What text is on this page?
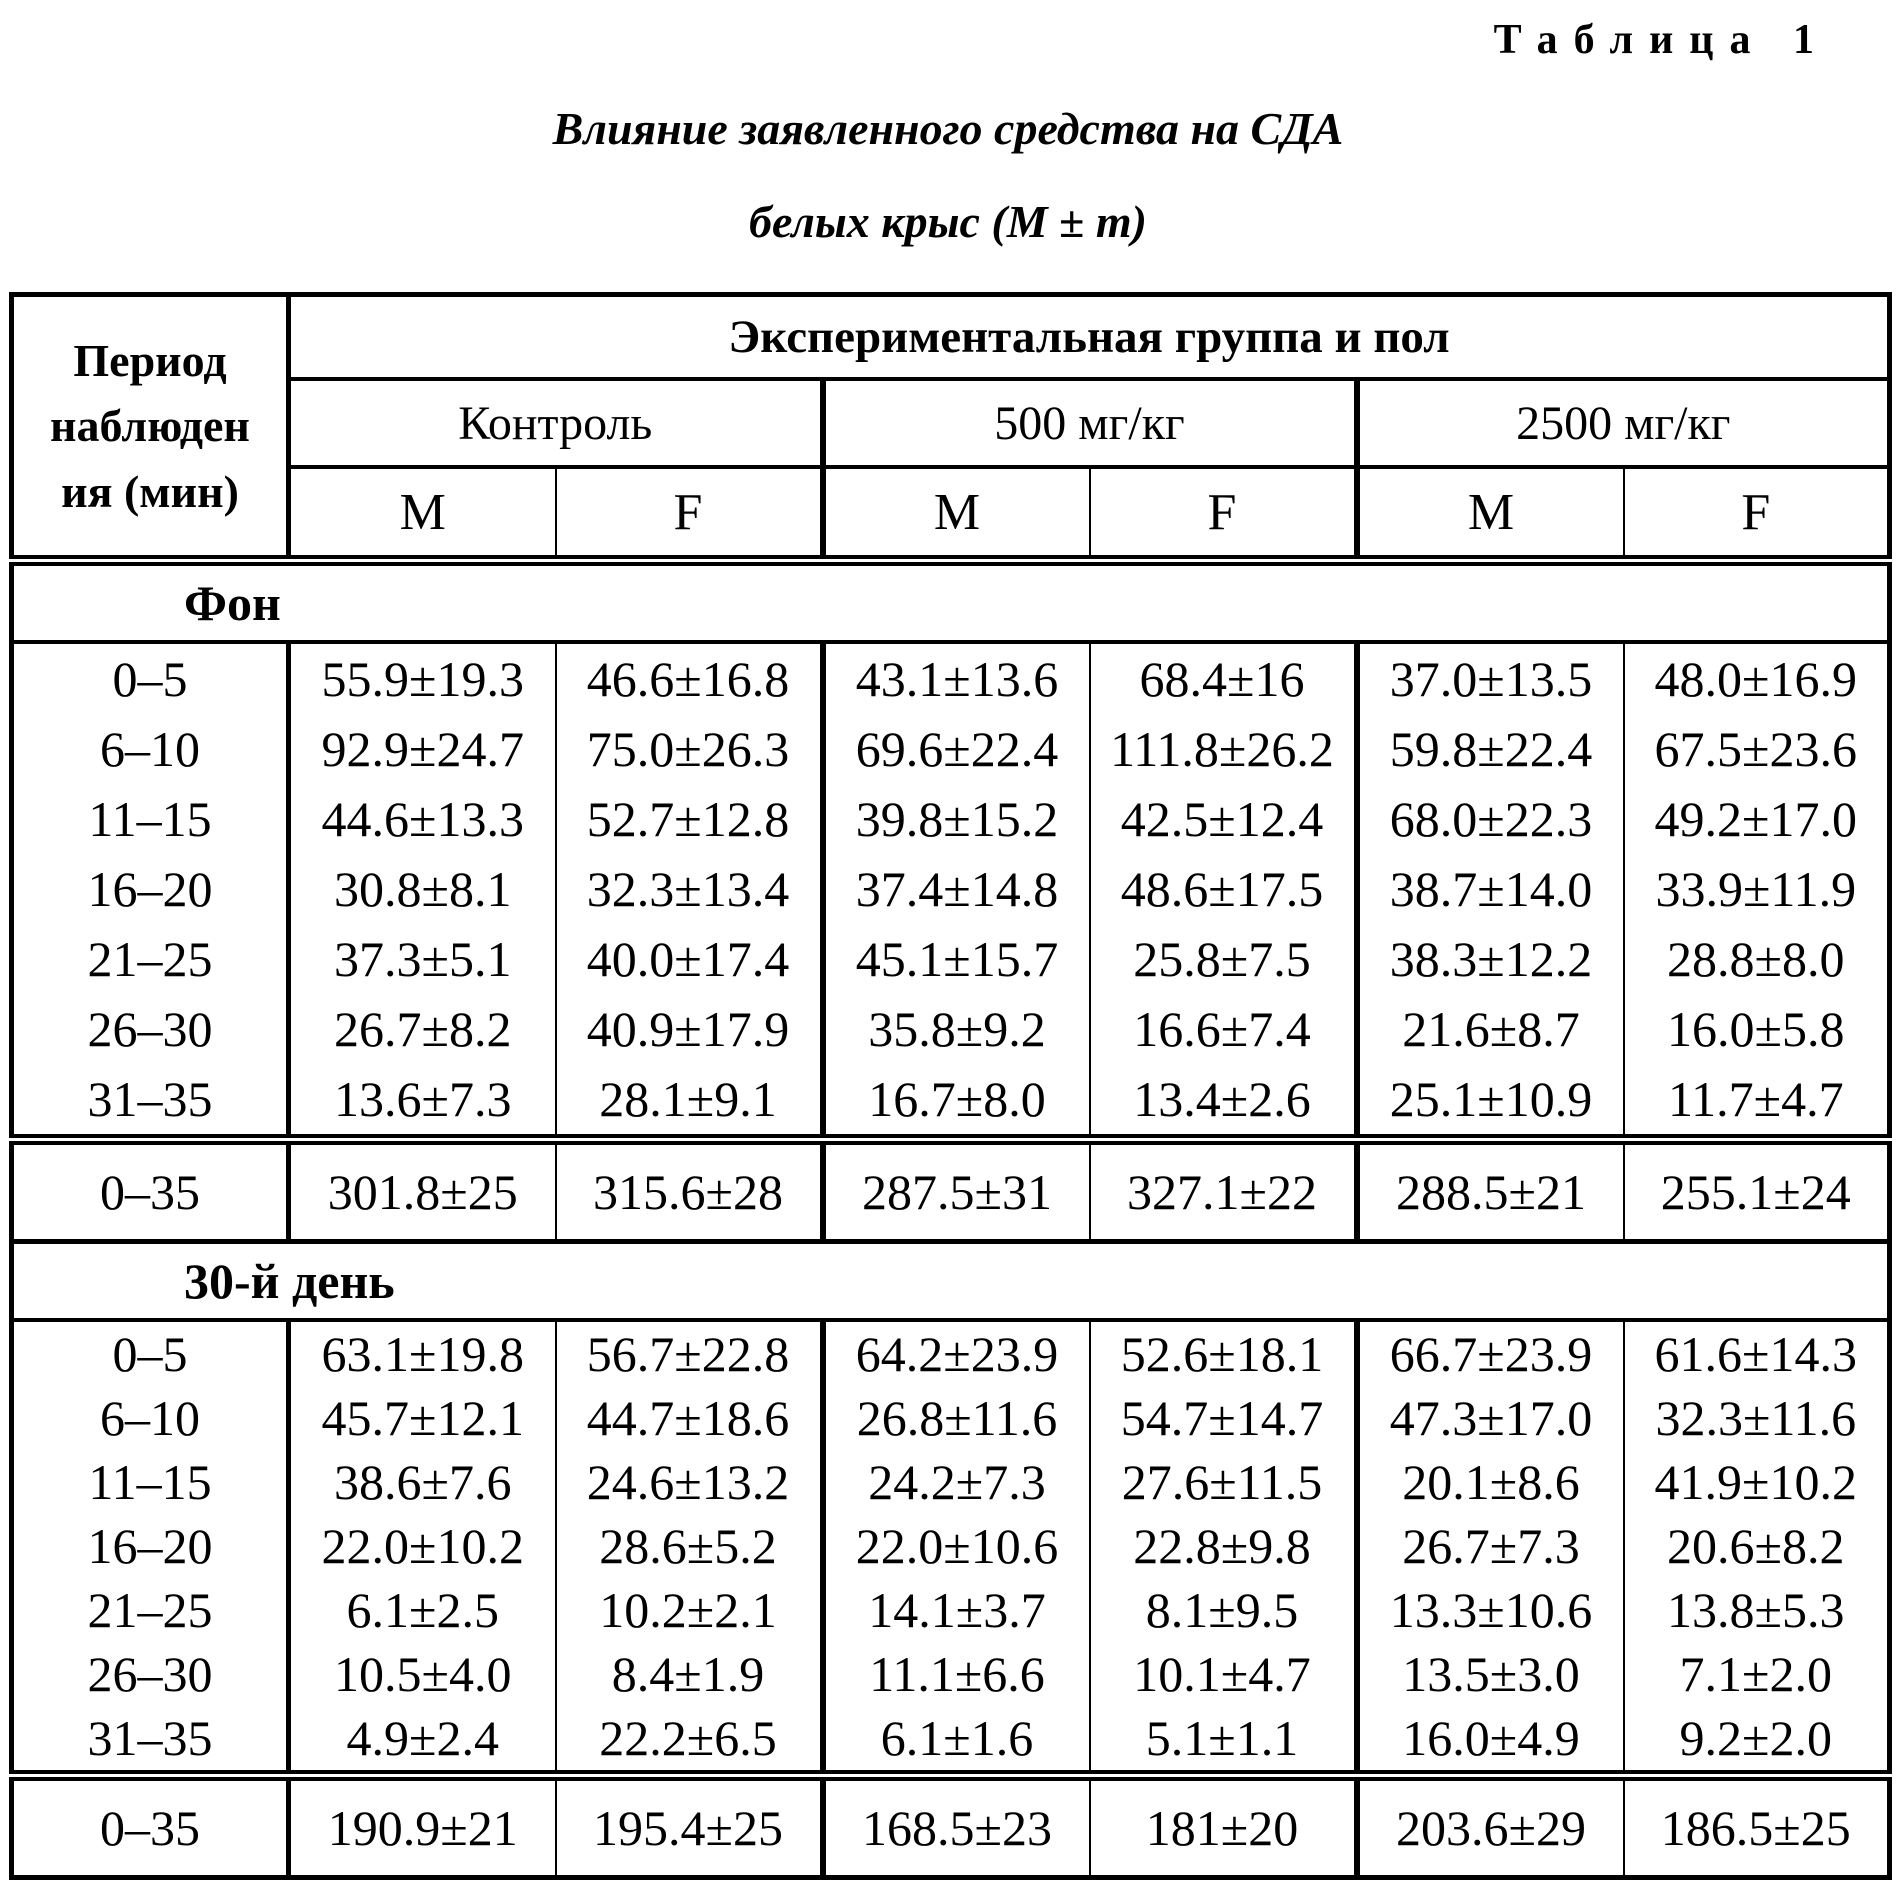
Таблица 1
Влияние заявленного средства на СДА
белых крыс (М ± m)
Период
наблюден
ия (мин)	Экспериментальная группа и пол					
	Контроль		500 мг/кг		2500 мг/кг	
	М	F	М	F	М	F
Фон						
0–5	55.9±19.3	46.6±16.8	43.1±13.6	68.4±16	37.0±13.5	48.0±16.9
6–10	92.9±24.7	75.0±26.3	69.6±22.4	111.8±26.2	59.8±22.4	67.5±23.6
11–15	44.6±13.3	52.7±12.8	39.8±15.2	42.5±12.4	68.0±22.3	49.2±17.0
16–20	30.8±8.1	32.3±13.4	37.4±14.8	48.6±17.5	38.7±14.0	33.9±11.9
21–25	37.3±5.1	40.0±17.4	45.1±15.7	25.8±7.5	38.3±12.2	28.8±8.0
26–30	26.7±8.2	40.9±17.9	35.8±9.2	16.6±7.4	21.6±8.7	16.0±5.8
31–35	13.6±7.3	28.1±9.1	16.7±8.0	13.4±2.6	25.1±10.9	11.7±4.7
0–35	301.8±25	315.6±28	287.5±31	327.1±22	288.5±21	255.1±24
30-й день						
0–5	63.1±19.8	56.7±22.8	64.2±23.9	52.6±18.1	66.7±23.9	61.6±14.3
6–10	45.7±12.1	44.7±18.6	26.8±11.6	54.7±14.7	47.3±17.0	32.3±11.6
11–15	38.6±7.6	24.6±13.2	24.2±7.3	27.6±11.5	20.1±8.6	41.9±10.2
16–20	22.0±10.2	28.6±5.2	22.0±10.6	22.8±9.8	26.7±7.3	20.6±8.2
21–25	6.1±2.5	10.2±2.1	14.1±3.7	8.1±9.5	13.3±10.6	13.8±5.3
26–30	10.5±4.0	8.4±1.9	11.1±6.6	10.1±4.7	13.5±3.0	7.1±2.0
31–35	4.9±2.4	22.2±6.5	6.1±1.6	5.1±1.1	16.0±4.9	9.2±2.0
0–35	190.9±21	195.4±25	168.5±23	181±20	203.6±29	186.5±25
